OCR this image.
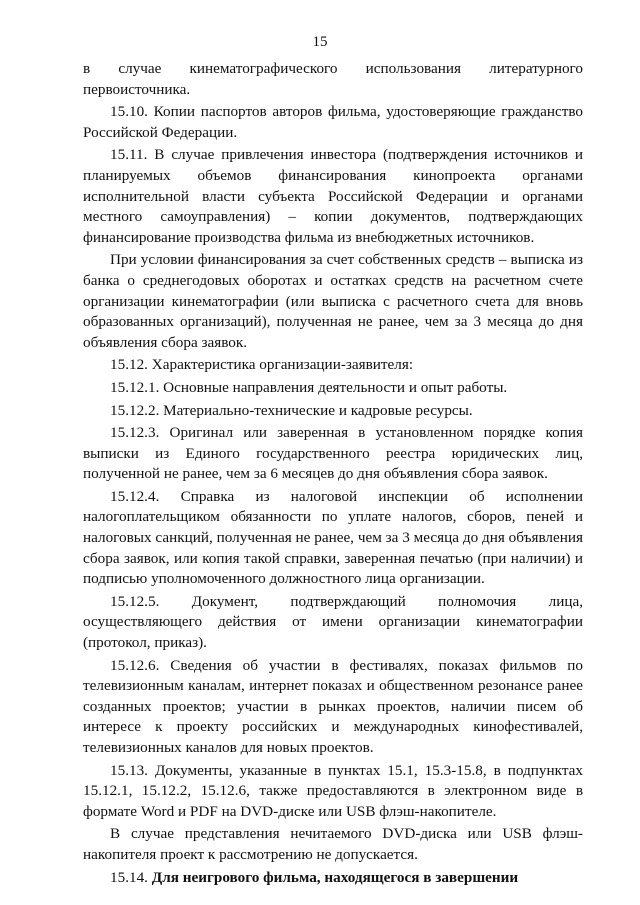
15

в случае кинематографического использования литературного первоисточника.

15.10. Копии паспортов авторов фильма, удостоверяющие гражданство Российской Федерации.

15.11. В случае привлечения инвестора (подтверждения источников и планируемых объемов финансирования кинопроекта органами исполнительной власти субъекта Российской Федерации и органами местного самоуправления) – копии документов, подтверждающих финансирование производства фильма из внебюджетных источников.

При условии финансирования за счет собственных средств – выписка из банка о среднегодовых оборотах и остатках средств на расчетном счете организации кинематографии (или выписка с расчетного счета для вновь образованных организаций), полученная не ранее, чем за 3 месяца до дня объявления сбора заявок.

15.12. Характеристика организации-заявителя:

15.12.1. Основные направления деятельности и опыт работы.

15.12.2. Материально-технические и кадровые ресурсы.

15.12.3. Оригинал или заверенная в установленном порядке копия выписки из Единого государственного реестра юридических лиц, полученной не ранее, чем за 6 месяцев до дня объявления сбора заявок.

15.12.4. Справка из налоговой инспекции об исполнении налогоплательщиком обязанности по уплате налогов, сборов, пеней и налоговых санкций, полученная не ранее, чем за 3 месяца до дня объявления сбора заявок, или копия такой справки, заверенная печатью (при наличии) и подписью уполномоченного должностного лица организации.

15.12.5. Документ, подтверждающий полномочия лица, осуществляющего действия от имени организации кинематографии (протокол, приказ).

15.12.6. Сведения об участии в фестивалях, показах фильмов по телевизионным каналам, интернет показах и общественном резонансе ранее созданных проектов; участии в рынках проектов, наличии писем об интересе к проекту российских и международных кинофестивалей, телевизионных каналов для новых проектов.

15.13. Документы, указанные в пунктах 15.1, 15.3-15.8, в подпунктах 15.12.1, 15.12.2, 15.12.6, также предоставляются в электронном виде в формате Word и PDF на DVD-диске или USB флэш-накопителе.

В случае представления нечитаемого DVD-диска или USB флэш-накопителя проект к рассмотрению не допускается.

15.14. Для неигрового фильма, находящегося в завершении
